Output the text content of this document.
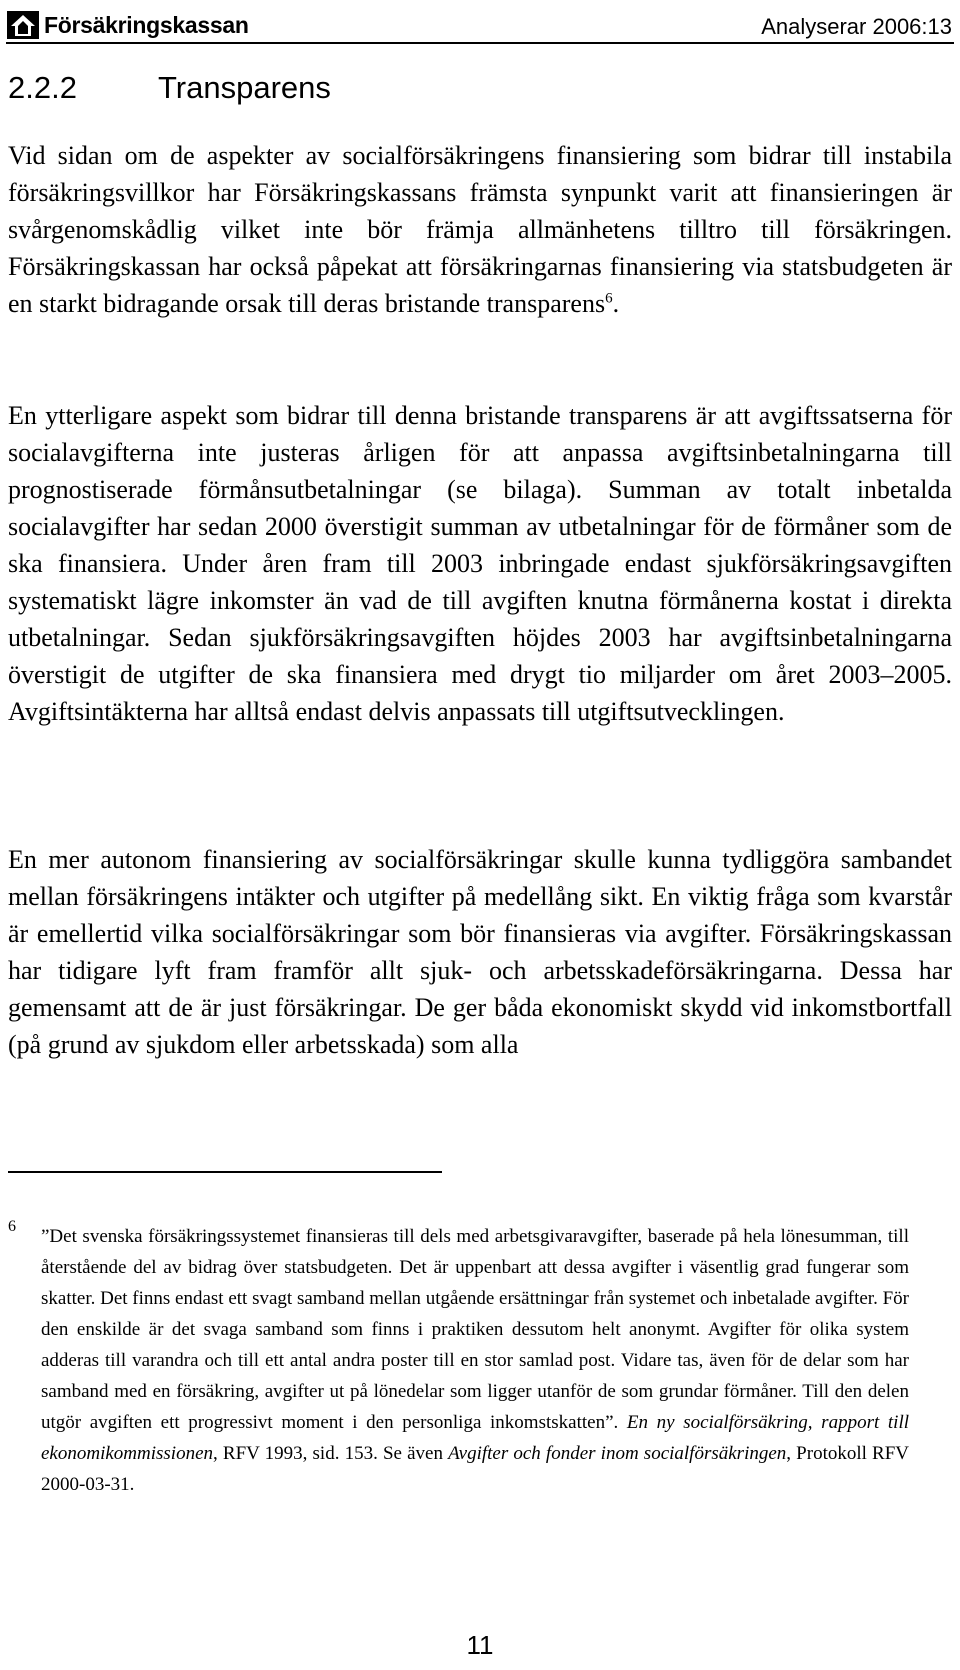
Försäkringskassan	Analyserar 2006:13
2.2.2	Transparens

Vid sidan om de aspekter av socialförsäkringens finansiering som bidrar till instabila försäkringsvillkor har Försäkringskassans främsta synpunkt varit att finansieringen är svårgenomskådlig vilket inte bör främja allmänhetens tilltro till försäkringen. Försäkringskassan har också påpekat att försäkringarnas finansiering via statsbudgeten är en starkt bidragande orsak till deras bristande transparens$^6$.

En ytterligare aspekt som bidrar till denna bristande transparens är att avgiftssatserna för socialavgifterna inte justeras årligen för att anpassa avgiftsinbetalningarna till prognostiserade förmånsutbetalningar (se bilaga). Summan av totalt inbetalda socialavgifter har sedan 2000 överstigit summan av utbetalningar för de förmåner som de ska finansiera. Under åren fram till 2003 inbringade endast sjukförsäkringsavgiften systematiskt lägre inkomster än vad de till avgiften knutna förmånerna kostat i direkta utbetalningar. Sedan sjukförsäkringsavgiften höjdes 2003 har avgiftsinbetalningarna överstigit de utgifter de ska finansiera med drygt tio miljarder om året 2003–2005. Avgiftsintäkterna har alltså endast delvis anpassats till utgiftsutvecklingen.

En mer autonom finansiering av socialförsäkringar skulle kunna tydliggöra sambandet mellan försäkringens intäkter och utgifter på medellång sikt. En viktig fråga som kvarstår är emellertid vilka socialförsäkringar som bör finansieras via avgifter. Försäkringskassan har tidigare lyft fram framför allt sjuk- och arbetsskadeförsäkringarna. Dessa har gemensamt att de är just försäkringar. De ger båda ekonomiskt skydd vid inkomstbortfall (på grund av sjukdom eller arbetsskada) som alla

6 ”Det svenska försäkringssystemet finansieras till dels med arbetsgivaravgifter, baserade på hela lönesumman, till återstående del av bidrag över statsbudgeten. Det är uppenbart att dessa avgifter i väsentlig grad fungerar som skatter. Det finns endast ett svagt samband mellan utgående ersättningar från systemet och inbetalade avgifter. För den enskilde är det svaga samband som finns i praktiken dessutom helt anonymt. Avgifter för olika system adderas till varandra och till ett antal andra poster till en stor samlad post. Vidare tas, även för de delar som har samband med en försäkring, avgifter ut på lönedelar som ligger utanför de som grundar förmåner. Till den delen utgör avgiften ett progressivt moment i den personliga inkomstskatten”. En ny socialförsäkring, rapport till ekonomikommissionen, RFV 1993, sid. 153. Se även Avgifter och fonder inom socialförsäkringen, Protokoll RFV 2000-03-31.
11
